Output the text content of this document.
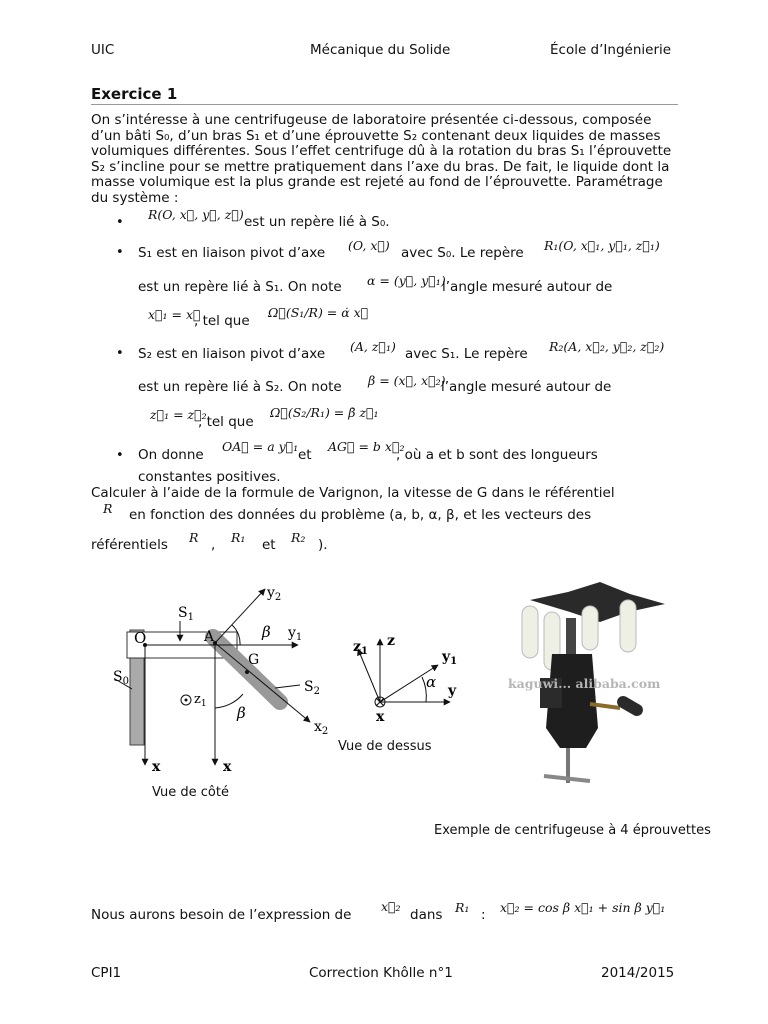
UIC	Mécanique du Solide	École d’Ingénierie
Exercice 1
On s’intéresse à une centrifugeuse de laboratoire présentée ci-dessous, composée d’un bâti S₀, d’un bras S₁ et d’une éprouvette S₂ contenant deux liquides de masses volumiques différentes. Sous l’effet centrifuge dû à la rotation du bras S₁ l’éprouvette S₂ s’incline pour se mettre pratiquement dans l’axe du bras. De fait, le liquide dont la masse volumique est la plus grande est rejeté au fond de l’éprouvette. Paramétrage du système :
•
R(O, x⃗, y⃗, z⃗) est un repère lié à S₀.
• S₁ est en liaison pivot d’axe (O, x⃗) avec S₀. Le repère R₁(O, x⃗₁, y⃗₁, z⃗₁)
est un repère lié à S₁. On note α = (y⃗, y⃗₁)
l’angle mesuré autour de
x⃗₁ = x⃗
, tel que
Ω⃗(S₁/R) = α̇ x⃗
• S₂ est en liaison pivot d’axe (A, z⃗₁) avec S₁. Le repère R₂(A, x⃗₂, y⃗₂, z⃗₂)
est un repère lié à S₂. On note β = (x⃗, x⃗₂)
l’angle mesuré autour de
z⃗₁ = z⃗₂
, tel que
Ω⃗(S₂/R₁) = β̇ z⃗₁
• On donne
OA⃗ = a y⃗₁
et
AG⃗ = b x⃗₂
, où a et b sont des longueurs
constantes positives.
Calculer à l’aide de la formule de Varignon, la vitesse de G dans le référentiel
R en fonction des données du problème (a, b, α, β, et les vecteurs des
référentiels R , R₁ et R₂ ).
O	A
G
$S_1$
$S_0$	$S_2$
$y_1$
$y_2$
$x_2$
$z_1$
x	x
β
β
Vue de côté
z
$z_1$	$y_1$
y
x
α
Vue de dessus
kaguwi... alibaba.com
Exemple de centrifugeuse à 4 éprouvettes
Nous aurons besoin de l’expression de
x⃗₂
dans R₁ : x⃗₂ = cos β x⃗₁ + sin β y⃗₁
CPI1	Correction Khôlle n°1	2014/2015
